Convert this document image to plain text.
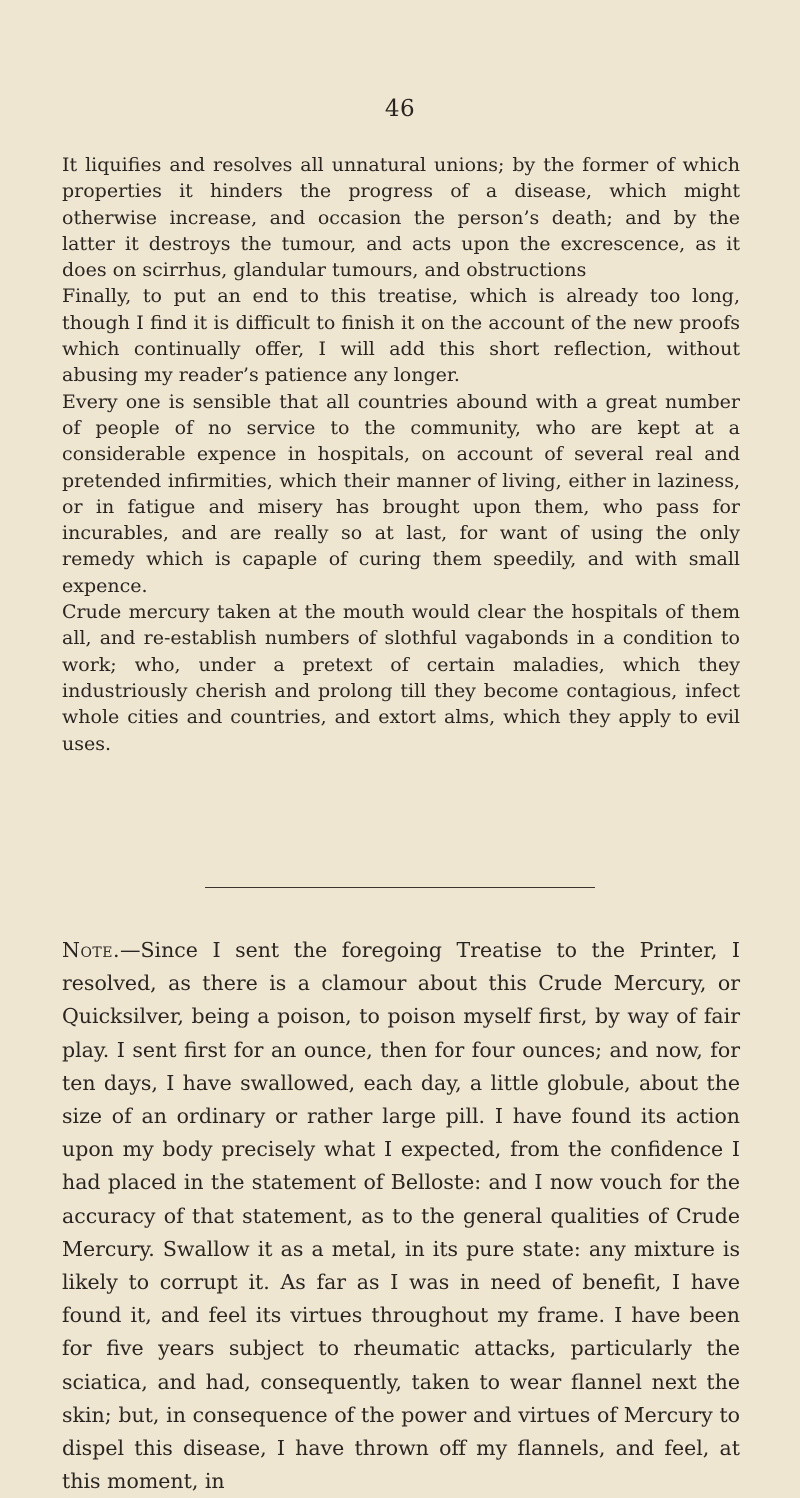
46

It liquifies and resolves all unnatural unions; by the former of which properties it hinders the progress of a disease, which might otherwise increase, and occasion the person’s death; and by the latter it destroys the tumour, and acts upon the excrescence, as it does on scirrhus, glandular tumours, and obstructions

Finally, to put an end to this treatise, which is already too long, though I find it is difficult to finish it on the account of the new proofs which continually offer, I will add this short reflection, without abusing my reader’s patience any longer.

Every one is sensible that all countries abound with a great number of people of no service to the community, who are kept at a considerable expence in hospitals, on account of several real and pretended infirmities, which their manner of living, either in laziness, or in fatigue and misery has brought upon them, who pass for incurables, and are really so at last, for want of using the only remedy which is capaple of curing them speedily, and with small expence.

Crude mercury taken at the mouth would clear the hospitals of them all, and re-establish numbers of slothful vagabonds in a condition to work; who, under a pretext of certain maladies, which they industriously cherish and prolong till they become contagious, infect whole cities and countries, and extort alms, which they apply to evil uses.

Note.—Since I sent the foregoing Treatise to the Printer, I resolved, as there is a clamour about this Crude Mercury, or Quicksilver, being a poison, to poison myself first, by way of fair play. I sent first for an ounce, then for four ounces; and now, for ten days, I have swallowed, each day, a little globule, about the size of an ordinary or rather large pill. I have found its action upon my body precisely what I expected, from the confidence I had placed in the statement of Belloste: and I now vouch for the accuracy of that statement, as to the general qualities of Crude Mercury. Swallow it as a metal, in its pure state: any mixture is likely to corrupt it. As far as I was in need of benefit, I have found it, and feel its virtues throughout my frame. I have been for five years subject to rheumatic attacks, particularly the sciatica, and had, consequently, taken to wear flannel next the skin; but, in consequence of the power and virtues of Mercury to dispel this disease, I have thrown off my flannels, and feel, at this moment, in
